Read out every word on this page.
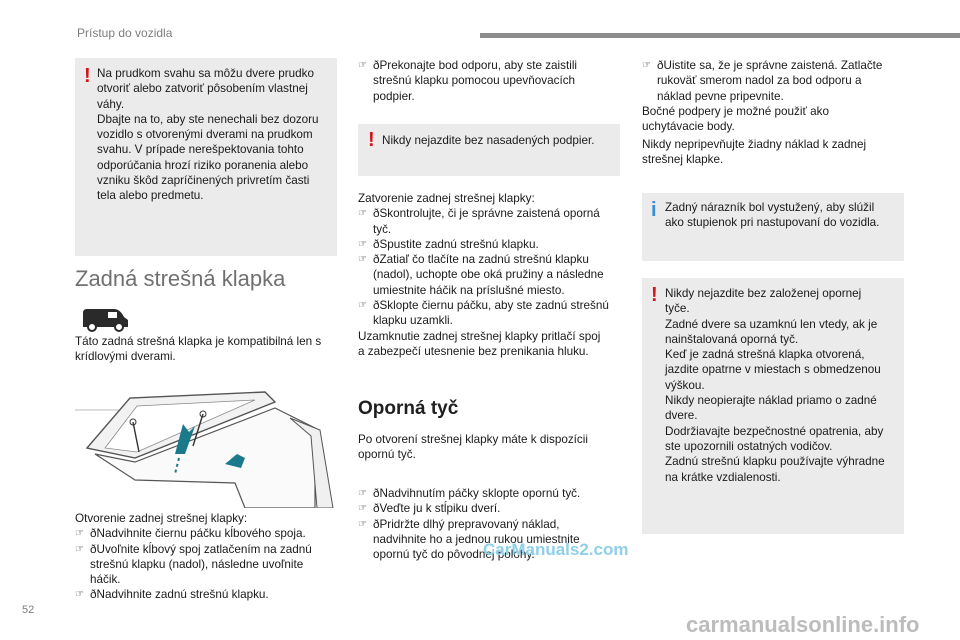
Prístup do vozidla
! Na prudkom svahu sa môžu dvere prudko

otvoriť alebo zatvoriť pôsobením vlastnej

váhy.

Dbajte na to, aby ste nenechali bez dozoru

vozidlo s otvorenými dverami na prudkom

svahu. V prípade nerešpektovania tohto

odporúčania hrozí riziko poranenia alebo

vzniku škôd zapríčinených privretím časti

tela alebo predmetu.

Zadná strešná klapka

Táto zadná strešná klapka je kompatibilná len s

krídlovými dverami.

Otvorenie zadnej strešnej klapky:

ð ☞ Nadvihnite čiernu páčku kĺbového spoja.
ð ☞ Uvoľnite kĺbový spoj zatlačením na zadnú
strešnú klapku (nadol), následne uvoľnite
háčik.
ð ☞ Nadvihnite zadnú strešnú klapku.
ð ☞ Prekonajte bod odporu, aby ste zaistili
strešnú klapku pomocou upevňovacích
podpier.
! Nikdy nejazdite bez nasadených podpier.

Zatvorenie zadnej strešnej klapky:

ð ☞ Skontrolujte, či je správne zaistená oporná
tyč.
ð ☞ Spustite zadnú strešnú klapku.
ð ☞ Zatiaľ čo tlačíte na zadnú strešnú klapku
(nadol), uchopte obe oká pružiny a následne
umiestnite háčik na príslušné miesto.
ð ☞ Sklopte čiernu páčku, aby ste zadnú strešnú
klapku uzamkli.

Uzamknutie zadnej strešnej klapky pritlačí spoj

a zabezpečí utesnenie bez prenikania hluku.

Oporná tyč

Po otvorení strešnej klapky máte k dispozícii

opornú tyč.

ð ☞ Nadvihnutím páčky sklopte opornú tyč.
ð ☞ Veďte ju k stĺpiku dverí.
ð ☞ Pridržte dlhý prepravovaný náklad,
nadvihnite ho a jednou rukou umiestnite
opornú tyč do pôvodnej polohy.
ð ☞ Uistite sa, že je správne zaistená. Zatlačte
rukoväť smerom nadol za bod odporu a
náklad pevne pripevnite.

Bočné podpery je možné použiť ako

uchytávacie body.

Nikdy nepripevňujte žiadny náklad k zadnej

strešnej klapke.

i Zadný nárazník bol vystužený, aby slúžil

ako stupienok pri nastupovaní do vozidla.

! Nikdy nejazdite bez založenej opornej

tyče.

Zadné dvere sa uzamknú len vtedy, ak je

nainštalovaná oporná tyč.

Keď je zadná strešná klapka otvorená,

jazdite opatrne v miestach s obmedzenou

výškou.

Nikdy neopierajte náklad priamo o zadné

dvere.

Dodržiavajte bezpečnostné opatrenia, aby

ste upozornili ostatných vodičov.

Zadnú strešnú klapku používajte výhradne

na krátke vzdialenosti.

52
CarManuals2.com
carmanualsonline.info
